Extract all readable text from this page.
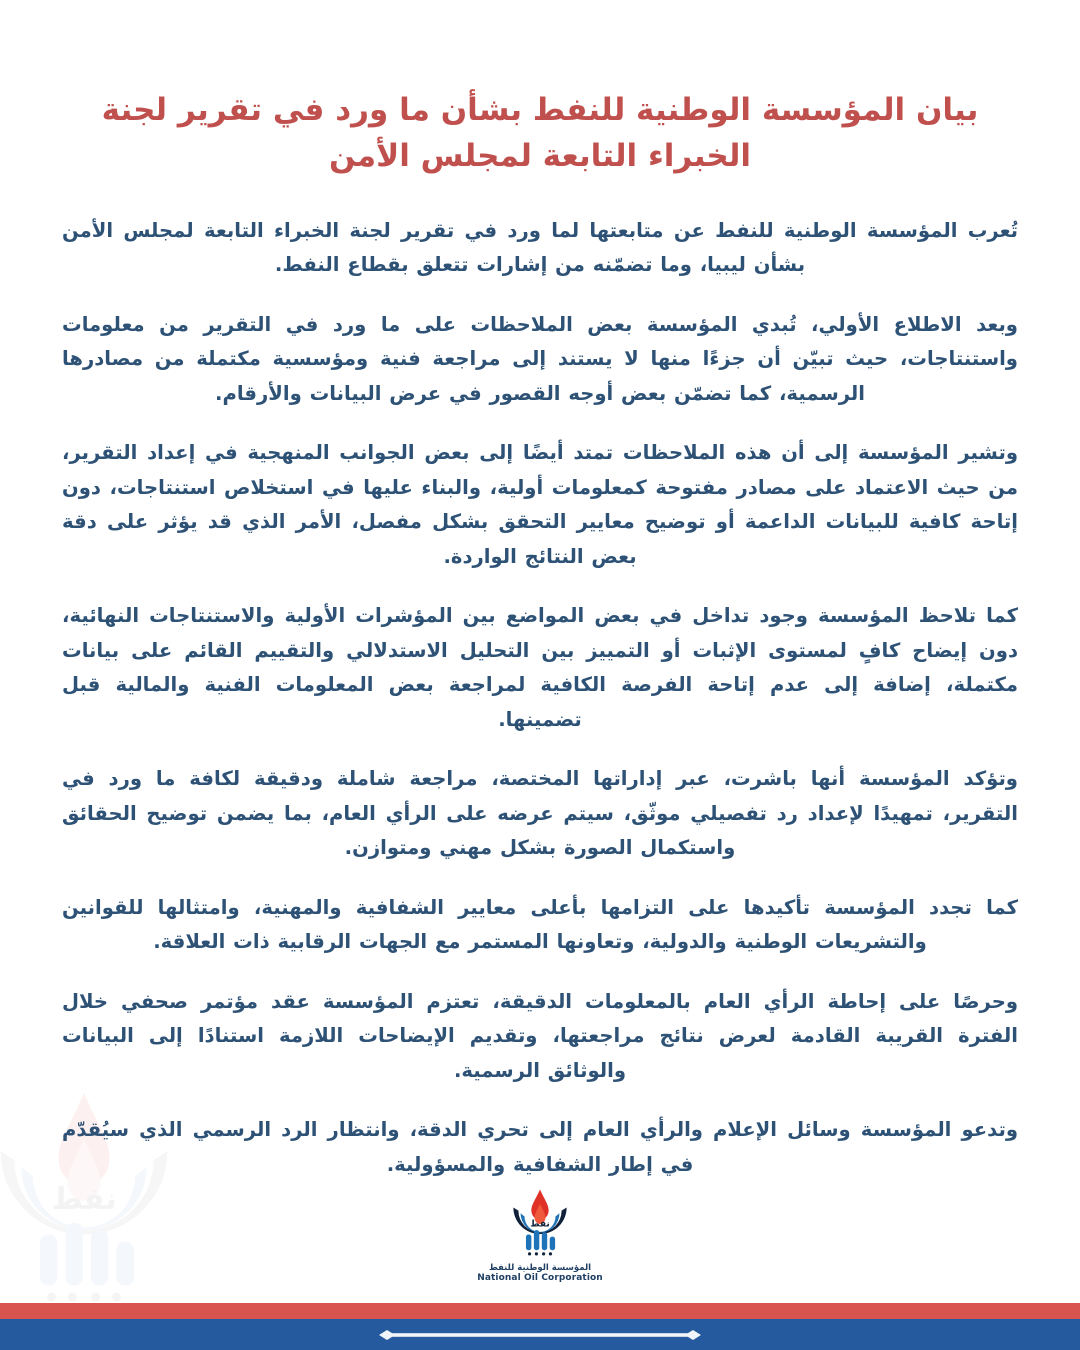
نفط
بيان المؤسسة الوطنية للنفط بشأن ما ورد في تقرير لجنة الخبراء التابعة لمجلس الأمن

تُعرب المؤسسة الوطنية للنفط عن متابعتها لما ورد في تقرير لجنة الخبراء التابعة لمجلس الأمن بشأن ليبيا، وما تضمّنه من إشارات تتعلق بقطاع النفط.

وبعد الاطلاع الأولي، تُبدي المؤسسة بعض الملاحظات على ما ورد في التقرير من معلومات واستنتاجات، حيث تبيّن أن جزءًا منها لا يستند إلى مراجعة فنية ومؤسسية مكتملة من مصادرها الرسمية، كما تضمّن بعض أوجه القصور في عرض البيانات والأرقام.

وتشير المؤسسة إلى أن هذه الملاحظات تمتد أيضًا إلى بعض الجوانب المنهجية في إعداد التقرير، من حيث الاعتماد على مصادر مفتوحة كمعلومات أولية، والبناء عليها في استخلاص استنتاجات، دون إتاحة كافية للبيانات الداعمة أو توضيح معايير التحقق بشكل مفصل، الأمر الذي قد يؤثر على دقة بعض النتائج الواردة.

كما تلاحظ المؤسسة وجود تداخل في بعض المواضع بين المؤشرات الأولية والاستنتاجات النهائية، دون إيضاح كافٍ لمستوى الإثبات أو التمييز بين التحليل الاستدلالي والتقييم القائم على بيانات مكتملة، إضافة إلى عدم إتاحة الفرصة الكافية لمراجعة بعض المعلومات الفنية والمالية قبل تضمينها.

وتؤكد المؤسسة أنها باشرت، عبر إداراتها المختصة، مراجعة شاملة ودقيقة لكافة ما ورد في التقرير، تمهيدًا لإعداد رد تفصيلي موثّق، سيتم عرضه على الرأي العام، بما يضمن توضيح الحقائق واستكمال الصورة بشكل مهني ومتوازن.

كما تجدد المؤسسة تأكيدها على التزامها بأعلى معايير الشفافية والمهنية، وامتثالها للقوانين والتشريعات الوطنية والدولية، وتعاونها المستمر مع الجهات الرقابية ذات العلاقة.

وحرصًا على إحاطة الرأي العام بالمعلومات الدقيقة، تعتزم المؤسسة عقد مؤتمر صحفي خلال الفترة القريبة القادمة لعرض نتائج مراجعتها، وتقديم الإيضاحات اللازمة استنادًا إلى البيانات والوثائق الرسمية.

وتدعو المؤسسة وسائل الإعلام والرأي العام إلى تحري الدقة، وانتظار الرد الرسمي الذي سيُقدّم في إطار الشفافية والمسؤولية.

نفط
المؤسسة الوطنية للنفط
National Oil Corporation
